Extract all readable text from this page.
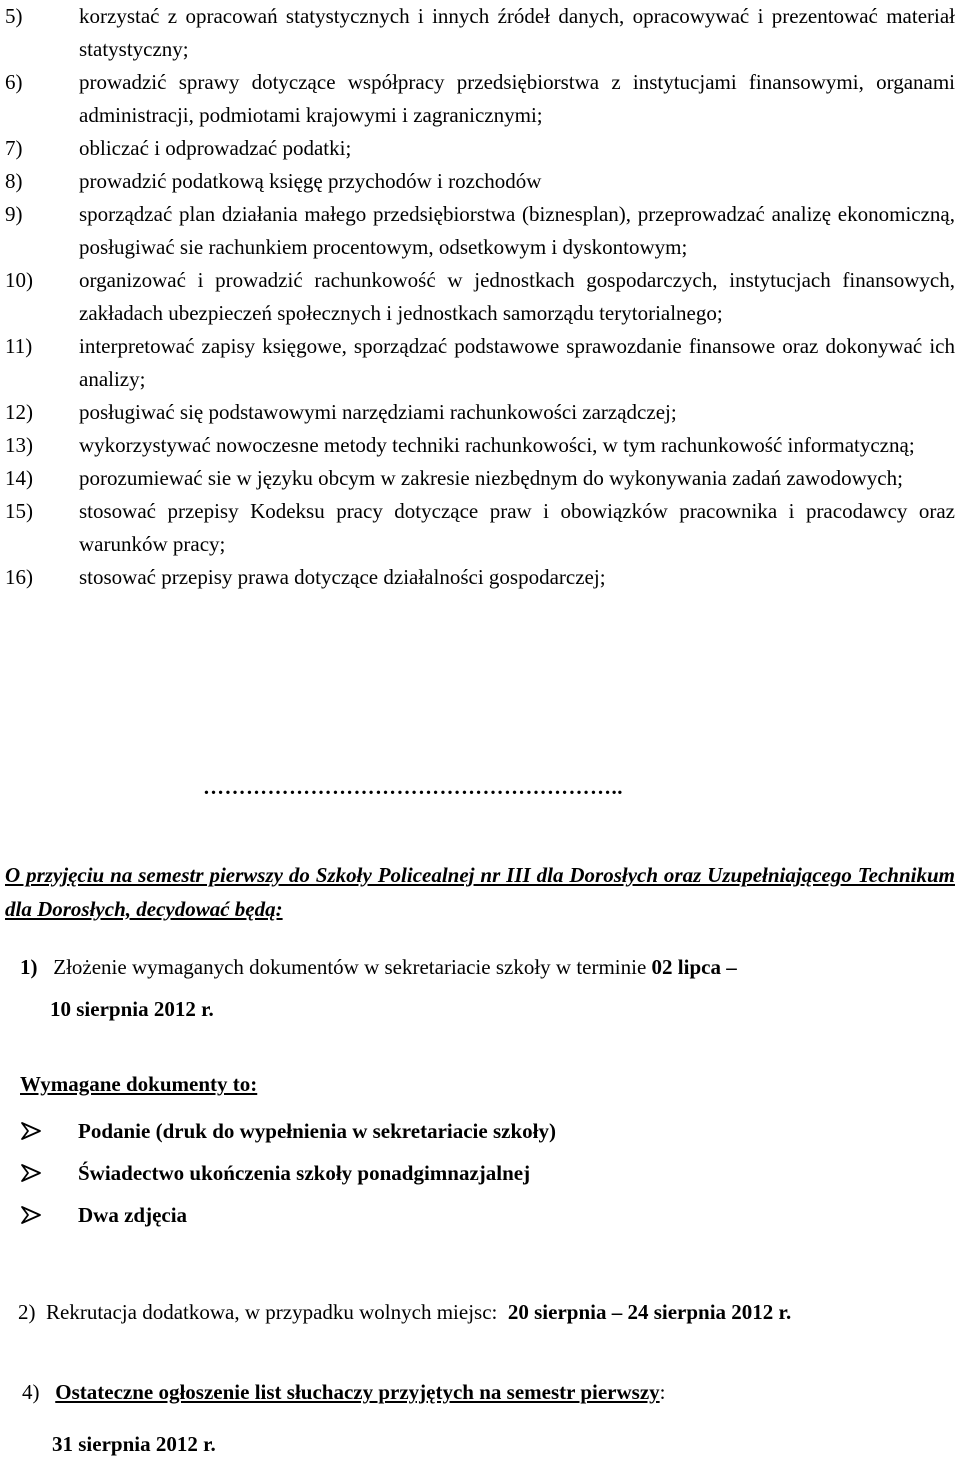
5)	korzystać z opracowań statystycznych i innych źródeł danych, opracowywać i prezentować materiał statystyczny;
6)	prowadzić sprawy dotyczące współpracy przedsiębiorstwa z instytucjami finansowymi, organami administracji, podmiotami krajowymi i zagranicznymi;
7)	obliczać i odprowadzać podatki;
8)	prowadzić podatkową księgę przychodów i rozchodów
9)	sporządzać plan działania małego przedsiębiorstwa (biznesplan), przeprowadzać analizę ekonomiczną, posługiwać sie rachunkiem procentowym, odsetkowym i dyskontowym;
10)	organizować i prowadzić rachunkowość w jednostkach gospodarczych, instytucjach finansowych, zakładach ubezpieczeń społecznych i jednostkach samorządu terytorialnego;
11)	interpretować zapisy księgowe, sporządzać podstawowe sprawozdanie finansowe oraz dokonywać ich analizy;
12)	posługiwać się podstawowymi narzędziami rachunkowości zarządczej;
13)	wykorzystywać nowoczesne metody techniki rachunkowości, w tym rachunkowość informatyczną;
14)	porozumiewać sie w języku obcym w zakresie niezbędnym do wykonywania zadań zawodowych;
15)	stosować przepisy Kodeksu pracy dotyczące praw i obowiązków pracownika i pracodawcy oraz warunków pracy;
16)	stosować przepisy prawa dotyczące działalności gospodarczej;
…………………………………………………..
O przyjęciu na semestr pierwszy do Szkoły Policealnej nr III dla Dorosłych oraz Uzupełniającego Technikum dla Dorosłych, decydować będą:
1) Złożenie wymaganych dokumentów w sekretariacie szkoły w terminie 02 lipca –
10 sierpnia 2012 r.
Wymagane dokumenty to:
Podanie (druk do wypełnienia w sekretariacie szkoły)
Świadectwo ukończenia szkoły ponadgimnazjalnej
Dwa zdjęcia
2) Rekrutacja dodatkowa, w przypadku wolnych miejsc: 20 sierpnia – 24 sierpnia 2012 r.
4) Ostateczne ogłoszenie list słuchaczy przyjętych na semestr pierwszy:
31 sierpnia 2012 r.
